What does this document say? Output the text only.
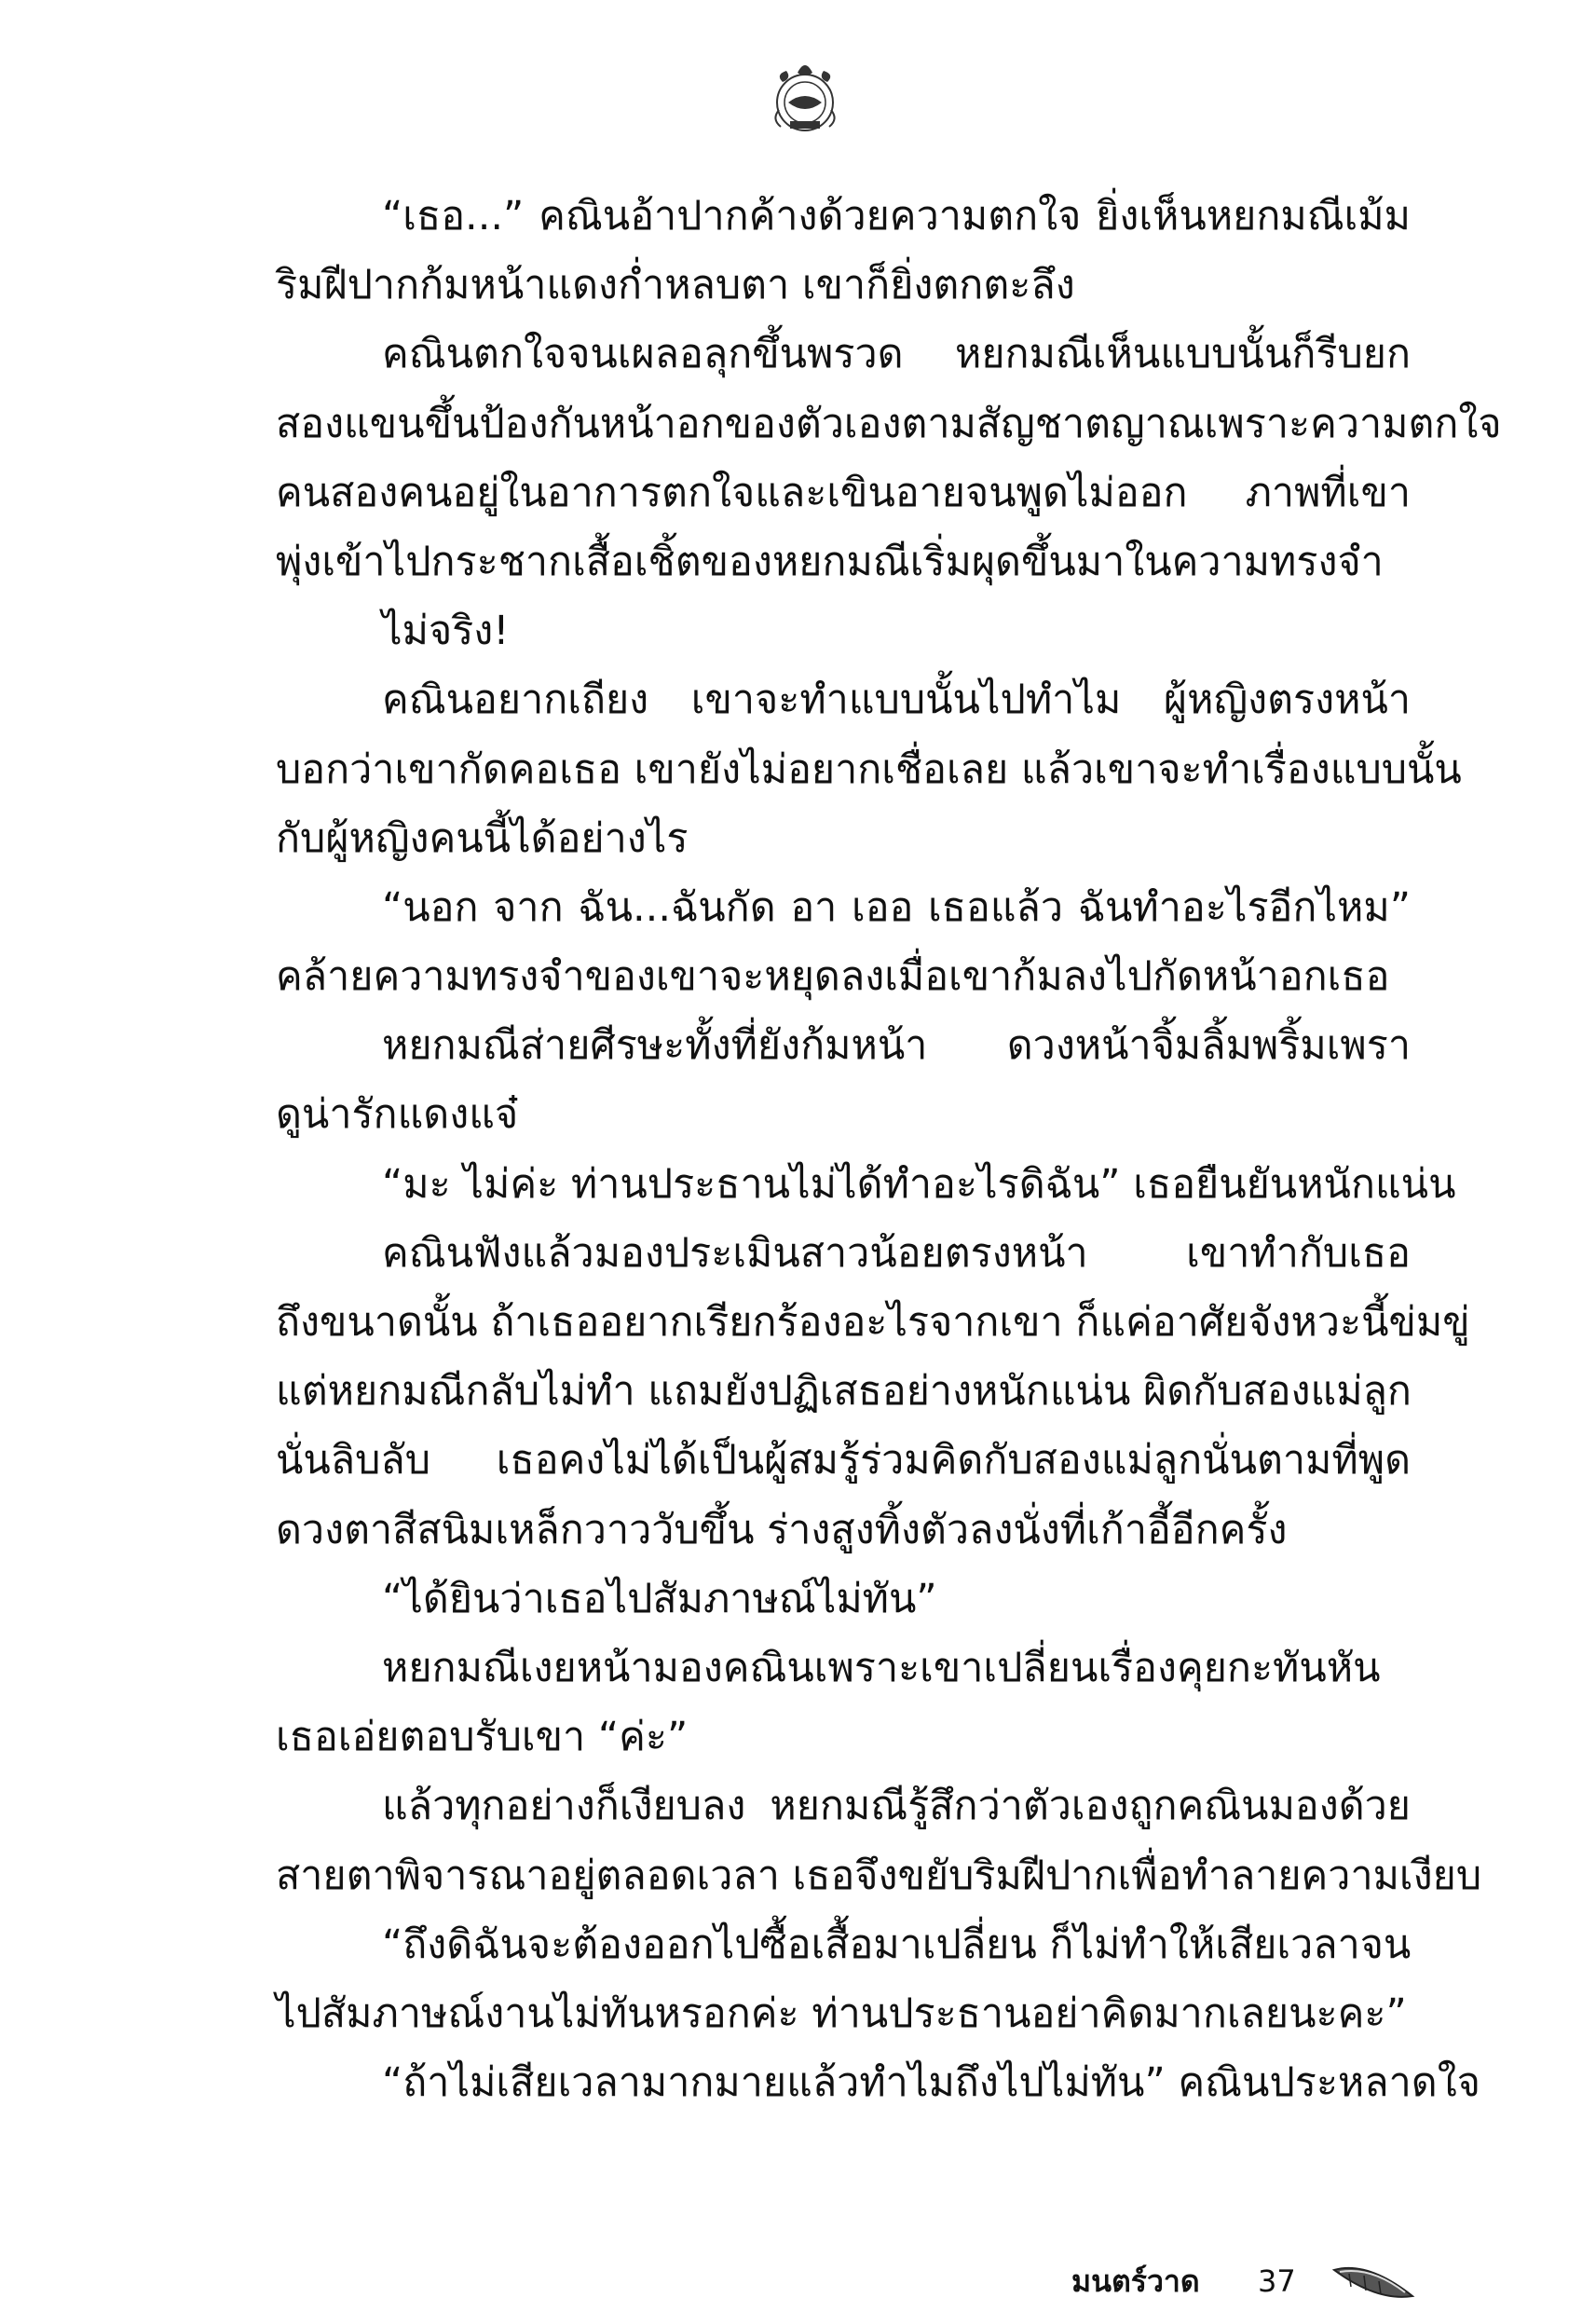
“เธอ...” คณินอ้าปากค้างด้วยความตกใจ ยิ่งเห็นหยกมณีเม้ม
ริมฝีปากก้มหน้าแดงก่ำหลบตา เขาก็ยิ่งตกตะลึง
คณินตกใจจนเผลอลุกขึ้นพรวด หยกมณีเห็นแบบนั้นก็รีบยก
สองแขนขึ้นป้องกันหน้าอกของตัวเองตามสัญชาตญาณเพราะความตกใจ
คนสองคนอยู่ในอาการตกใจและเขินอายจนพูดไม่ออก ภาพที่เขา
พุ่งเข้าไปกระชากเสื้อเชิ้ตของหยกมณีเริ่มผุดขึ้นมาในความทรงจำ
ไม่จริง!
คณินอยากเถียง เขาจะทำแบบนั้นไปทำไม ผู้หญิงตรงหน้า
บอกว่าเขากัดคอเธอ เขายังไม่อยากเชื่อเลย แล้วเขาจะทำเรื่องแบบนั้น
กับผู้หญิงคนนี้ได้อย่างไร
“นอก จาก ฉัน...ฉันกัด อา เออ เธอแล้ว ฉันทำอะไรอีกไหม”
คล้ายความทรงจำของเขาจะหยุดลงเมื่อเขาก้มลงไปกัดหน้าอกเธอ
หยกมณีส่ายศีรษะทั้งที่ยังก้มหน้า ดวงหน้าจิ้มลิ้มพริ้มเพรา
ดูน่ารักแดงแจ๋
“มะ ไม่ค่ะ ท่านประธานไม่ได้ทำอะไรดิฉัน” เธอยืนยันหนักแน่น
คณินฟังแล้วมองประเมินสาวน้อยตรงหน้า เขาทำกับเธอ
ถึงขนาดนั้น ถ้าเธออยากเรียกร้องอะไรจากเขา ก็แค่อาศัยจังหวะนี้ข่มขู่
แต่หยกมณีกลับไม่ทำ แถมยังปฏิเสธอย่างหนักแน่น ผิดกับสองแม่ลูก
นั่นลิบลับ เธอคงไม่ได้เป็นผู้สมรู้ร่วมคิดกับสองแม่ลูกนั่นตามที่พูด
ดวงตาสีสนิมเหล็กวาววับขึ้น ร่างสูงทิ้งตัวลงนั่งที่เก้าอี้อีกครั้ง
“ได้ยินว่าเธอไปสัมภาษณ์ไม่ทัน”
หยกมณีเงยหน้ามองคณินเพราะเขาเปลี่ยนเรื่องคุยกะทันหัน
เธอเอ่ยตอบรับเขา “ค่ะ”
แล้วทุกอย่างก็เงียบลง หยกมณีรู้สึกว่าตัวเองถูกคณินมองด้วย
สายตาพิจารณาอยู่ตลอดเวลา เธอจึงขยับริมฝีปากเพื่อทำลายความเงียบ
“ถึงดิฉันจะต้องออกไปซื้อเสื้อมาเปลี่ยน ก็ไม่ทำให้เสียเวลาจน
ไปสัมภาษณ์งานไม่ทันหรอกค่ะ ท่านประธานอย่าคิดมากเลยนะคะ”
“ถ้าไม่เสียเวลามากมายแล้วทำไมถึงไปไม่ทัน” คณินประหลาดใจ
มนตร์วาด 37
